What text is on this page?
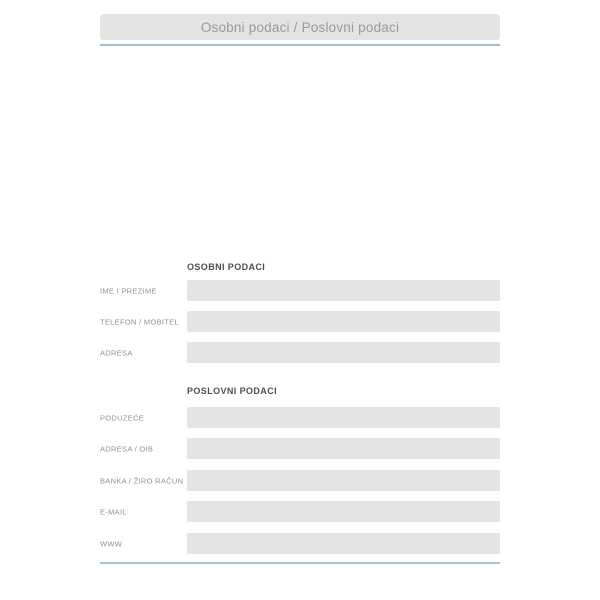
Osobni podaci / Poslovni podaci
OSOBNI PODACI
IME I PREZIME
TELEFON / MOBITEL
ADRESA
POSLOVNI PODACI
PODUZEĆE
ADRESA / OIB
BANKA / ŽIRO RAČUN
E-MAIL
WWW
